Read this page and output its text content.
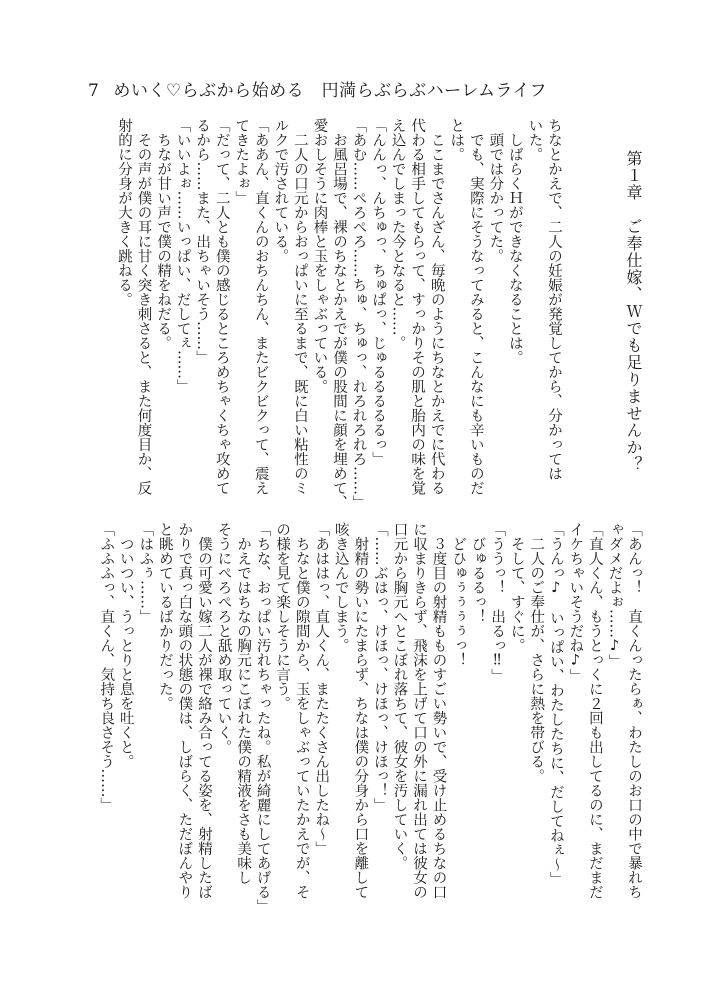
7 めいく♡らぶから始める　円満らぶらぶハーレムライフ
第１章　ご奉仕嫁、Ｗでも足りませんか？
ちなとかえで、二人の妊娠が発覚してから、分かっては
いた。
　しばらくＨができなくなることは。
　頭では分かってた。
　でも、実際にそうなってみると、こんなにも辛いものだ
とは。
　ここまでさんざん、毎晩のようにちなとかえでに代わる
代わる相手してもらって、すっかりその肌と胎内の味を覚
え込んでしまった今となると……。
「んんっ、んちゅっ、ちゅぱっ、じゅるるるるるっ」
「あむ……ぺろぺろ……ちゅ、ちゅっ、れろれろれろ……」
　お風呂場で、裸のちなとかえでが僕の股間に顔を埋めて、
愛おしそうに肉棒と玉をしゃぶっている。
　二人の口元からおっぱいに至るまで、既に白い粘性のミ
ルクで汚されている。
「ああん、直くんのおちんちん、またビクビクって、震え
てきたよぉ」
「だって、二人とも僕の感じるところめちゃくちゃ攻めて
るから……また、出ちゃいそう……」
「いいよぉ……いっぱい、だしてぇ……」
　ちなが甘い声で僕の精をねだる。
　その声が僕の耳に甘く突き刺さると、また何度目か、反
射的に分身が大きく跳ねる。
「あんっ！　直くんったらぁ、わたしのお口の中で暴れち
ゃダメだよぉ……♪」
「直人くん、もうとっくに２回も出してるのに、まだまだ
イケちゃいそうだね♪」
「うんっ♪　いっぱい、わたしたちに、だしてねぇ〜」
　二人のご奉仕が、さらに熱を帯びる。
　そして、すぐに。
「ううっ！　出るっ‼」
　びゅるるっ！
　どひゅぅぅぅぅっ！
　３度目の射精もものすごい勢いで、受け止めるちなの口
に収まりきらず、飛沫を上げて口の外に漏れ出ては彼女の
口元から胸元へとこぼれ落ちて、彼女を汚していく。
「……ぶはっ、けほっ、けほっ、けほっ！」
　射精の勢いにたまらず、ちなは僕の分身から口を離して
咳き込んでしまう。
「あははっ、直人くん、またたくさん出したね〜」
　ちなと僕の隙間から、玉をしゃぶっていたかえでが、そ
の様を見て楽しそうに言う。
「ちな、おっぱい汚れちゃったね。私が綺麗にしてあげる」
　かえではちなの胸元にこぼれた僕の精液をさも美味し
そうにぺろぺろと舐め取っていく。
　僕の可愛い嫁二人が裸で絡み合ってる姿を、射精したば
かりで真っ白な頭の状態の僕は、しばらく、ただぼんやり
と眺めているばかりだった。
「はふぅ……」
　ついつい、うっとりと息を吐くと。
「ふふふっ、直くん、気持ち良さそう……」
